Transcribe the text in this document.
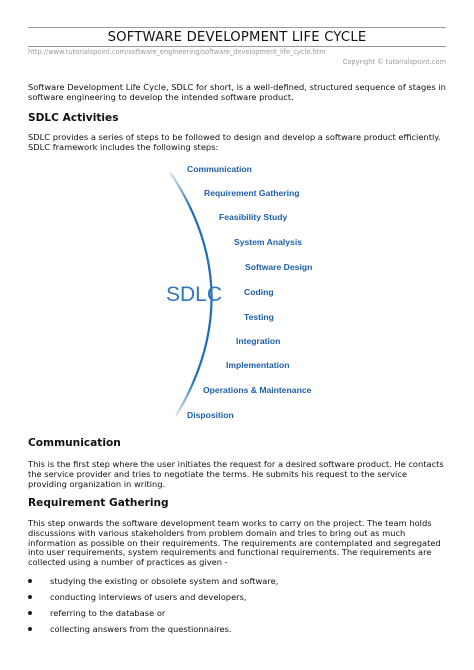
SOFTWARE DEVELOPMENT LIFE CYCLE
http://www.tutorialspoint.com/software_engineering/software_development_life_cycle.htm
Copyright © tutorialspoint.com
Software Development Life Cycle, SDLC for short, is a well-defined, structured sequence of stages in software engineering to develop the intended software product.
SDLC Activities
SDLC provides a series of steps to be followed to design and develop a software product efficiently. SDLC framework includes the following steps:
SDLC
Communication
Requirement Gathering
Feasibility Study
System Analysis
Software Design
Coding
Testing
Integration
Implementation
Operations & Maintenance
Disposition
Communication
This is the first step where the user initiates the request for a desired software product. He contacts the service provider and tries to negotiate the terms. He submits his request to the service providing organization in writing.
Requirement Gathering
This step onwards the software development team works to carry on the project. The team holds discussions with various stakeholders from problem domain and tries to bring out as much information as possible on their requirements. The requirements are contemplated and segregated into user requirements, system requirements and functional requirements. The requirements are collected using a number of practices as given -
studying the existing or obsolete system and software,
conducting interviews of users and developers,
referring to the database or
collecting answers from the questionnaires.
